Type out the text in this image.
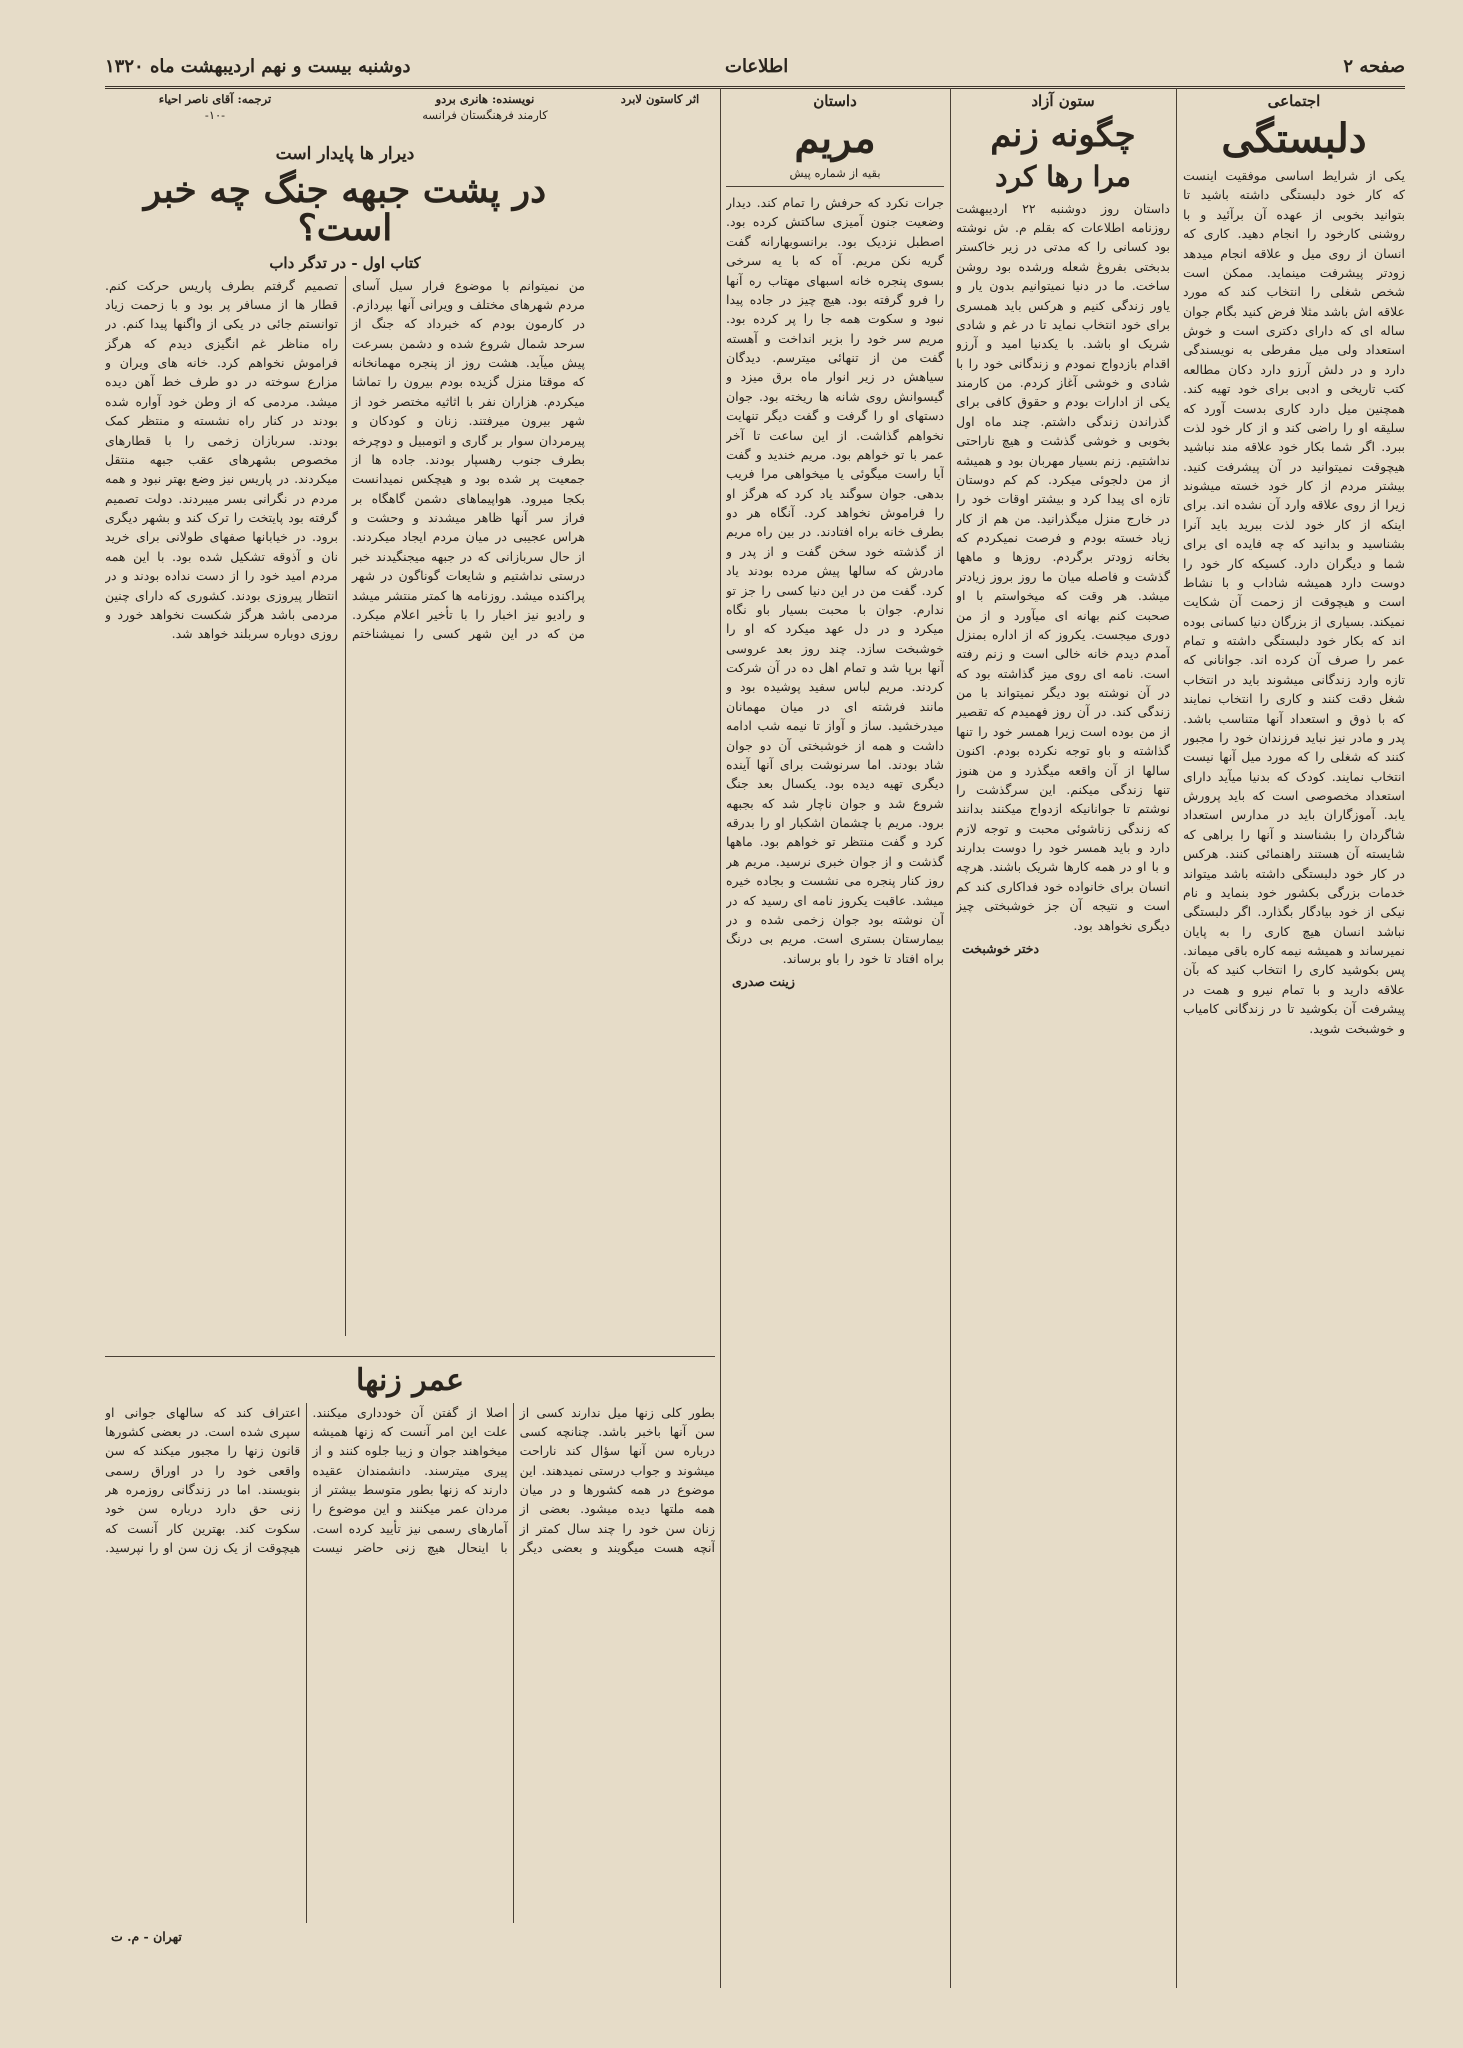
صفحه ۲
اطلاعات
دوشنبه بیست و نهم اردیبهشت ماه ۱۳۲۰
اجتماعی
دلبستگی
یکی از شرایط اساسی موفقیت اینست که کار خود دلبستگی داشته باشید تا بتوانید بخوبی از عهده آن برآئید و با روشنی کارخود را انجام دهید. کاری که انسان از روی میل و علاقه انجام میدهد زودتر پیشرفت مینماید. ممکن است شخص شغلی را انتخاب کند که مورد علاقه اش باشد مثلا فرض کنید بگام جوان ساله ای که دارای دکتری است و خوش استعداد ولی میل مفرطی به نویسندگی دارد و در دلش آرزو دارد دکان مطالعه کتب تاریخی و ادبی برای خود تهیه کند. همچنین میل دارد کاری بدست آورد که سلیقه او را راضی کند و از کار خود لذت ببرد. اگر شما بکار خود علاقه مند نباشید هیچوقت نمیتوانید در آن پیشرفت کنید. بیشتر مردم از کار خود خسته میشوند زیرا از روی علاقه وارد آن نشده اند. برای اینکه از کار خود لذت ببرید باید آنرا بشناسید و بدانید که چه فایده ای برای شما و دیگران دارد. کسیکه کار خود را دوست دارد همیشه شاداب و با نشاط است و هیچوقت از زحمت آن شکایت نمیکند. بسیاری از بزرگان دنیا کسانی بوده اند که بکار خود دلبستگی داشته و تمام عمر را صرف آن کرده اند. جوانانی که تازه وارد زندگانی میشوند باید در انتخاب شغل دقت کنند و کاری را انتخاب نمایند که با ذوق و استعداد آنها متناسب باشد. پدر و مادر نیز نباید فرزندان خود را مجبور کنند که شغلی را که مورد میل آنها نیست انتخاب نمایند. کودک که بدنیا میآید دارای استعداد مخصوصی است که باید پرورش یابد. آموزگاران باید در مدارس استعداد شاگردان را بشناسند و آنها را براهی که شایسته آن هستند راهنمائی کنند. هرکس در کار خود دلبستگی داشته باشد میتواند خدمات بزرگی بکشور خود بنماید و نام نیکی از خود بیادگار بگذارد. اگر دلبستگی نباشد انسان هیچ کاری را به پایان نمیرساند و همیشه نیمه کاره باقی میماند. پس بکوشید کاری را انتخاب کنید که بآن علاقه دارید و با تمام نیرو و همت در پیشرفت آن بکوشید تا در زندگانی کامیاب و خوشبخت شوید.
ستون آزاد
چگونه زنم
مرا رها کرد
داستان روز دوشنبه ۲۲ اردیبهشت روزنامه اطلاعات که بقلم م. ش نوشته بود کسانی را که مدتی در زیر خاکستر بدبختی بفروغ شعله ورشده بود روشن ساخت. ما در دنیا نمیتوانیم بدون یار و یاور زندگی کنیم و هرکس باید همسری برای خود انتخاب نماید تا در غم و شادی شریک او باشد. با یکدنیا امید و آرزو اقدام بازدواج نمودم و زندگانی خود را با شادی و خوشی آغاز کردم. من کارمند یکی از ادارات بودم و حقوق کافی برای گذراندن زندگی داشتم. چند ماه اول بخوبی و خوشی گذشت و هیچ ناراحتی نداشتیم. زنم بسیار مهربان بود و همیشه از من دلجوئی میکرد. کم کم دوستان تازه ای پیدا کرد و بیشتر اوقات خود را در خارج منزل میگذرانید. من هم از کار زیاد خسته بودم و فرصت نمیکردم که بخانه زودتر برگردم. روزها و ماهها گذشت و فاصله میان ما روز بروز زیادتر میشد. هر وقت که میخواستم با او صحبت کنم بهانه ای میآورد و از من دوری میجست. یکروز که از اداره بمنزل آمدم دیدم خانه خالی است و زنم رفته است. نامه ای روی میز گذاشته بود که در آن نوشته بود دیگر نمیتواند با من زندگی کند. در آن روز فهمیدم که تقصیر از من بوده است زیرا همسر خود را تنها گذاشته و باو توجه نکرده بودم. اکنون سالها از آن واقعه میگذرد و من هنوز تنها زندگی میکنم. این سرگذشت را نوشتم تا جوانانیکه ازدواج میکنند بدانند که زندگی زناشوئی محبت و توجه لازم دارد و باید همسر خود را دوست بدارند و با او در همه کارها شریک باشند. هرچه انسان برای خانواده خود فداکاری کند کم است و نتیجه آن جز خوشبختی چیز دیگری نخواهد بود.
دختر خوشبخت
داستان
مریم
بقیه از شماره پیش
جرات نکرد که حرفش را تمام کند. دیدار وضعیت جنون آمیزی ساکتش کرده بود. اصطبل نزدیک بود. برانسوبهارانه گفت گریه نکن مریم. آه که با یه سرخی بسوی پنجره خانه اسبهای مهتاب ره آنها را فرو گرفته بود. هیچ چیز در جاده پیدا نبود و سکوت همه جا را پر کرده بود. مریم سر خود را بزیر انداخت و آهسته گفت من از تنهائی میترسم. دیدگان سیاهش در زیر انوار ماه برق میزد و گیسوانش روی شانه ها ریخته بود. جوان دستهای او را گرفت و گفت دیگر تنهایت نخواهم گذاشت. از این ساعت تا آخر عمر با تو خواهم بود. مریم خندید و گفت آیا راست میگوئی یا میخواهی مرا فریب بدهی. جوان سوگند یاد کرد که هرگز او را فراموش نخواهد کرد. آنگاه هر دو بطرف خانه براه افتادند. در بین راه مریم از گذشته خود سخن گفت و از پدر و مادرش که سالها پیش مرده بودند یاد کرد. گفت من در این دنیا کسی را جز تو ندارم. جوان با محبت بسیار باو نگاه میکرد و در دل عهد میکرد که او را خوشبخت سازد. چند روز بعد عروسی آنها برپا شد و تمام اهل ده در آن شرکت کردند. مریم لباس سفید پوشیده بود و مانند فرشته ای در میان مهمانان میدرخشید. ساز و آواز تا نیمه شب ادامه داشت و همه از خوشبختی آن دو جوان شاد بودند. اما سرنوشت برای آنها آینده دیگری تهیه دیده بود. یکسال بعد جنگ شروع شد و جوان ناچار شد که بجبهه برود. مریم با چشمان اشکبار او را بدرقه کرد و گفت منتظر تو خواهم بود. ماهها گذشت و از جوان خبری نرسید. مریم هر روز کنار پنجره می نشست و بجاده خیره میشد. عاقبت یکروز نامه ای رسید که در آن نوشته بود جوان زخمی شده و در بیمارستان بستری است. مریم بی درنگ براه افتاد تا خود را باو برساند.
زینت صدری
اثر کاستون لابرد
نویسنده: هانری بردو
کارمند فرهنگستان فرانسه
ترجمه: آقای ناصر احیاء
-۱۰-
دیرار ها پایدار است
در پشت جبهه جنگ چه خبر است؟
کتاب اول - در تدگر داب
من نمیتوانم با موضوع فرار سیل آسای مردم شهرهای مختلف و ویرانی آنها بپردازم. در کارمون بودم که خبرداد که جنگ از سرحد شمال شروع شده و دشمن بسرعت پیش میآید. هشت روز از پنجره مهمانخانه که موقتا منزل گزیده بودم بیرون را تماشا میکردم. هزاران نفر با اثاثیه مختصر خود از شهر بیرون میرفتند. زنان و کودکان و پیرمردان سوار بر گاری و اتومبیل و دوچرخه بطرف جنوب رهسپار بودند. جاده ها از جمعیت پر شده بود و هیچکس نمیدانست بکجا میرود. هواپیماهای دشمن گاهگاه بر فراز سر آنها ظاهر میشدند و وحشت و هراس عجیبی در میان مردم ایجاد میکردند. از حال سربازانی که در جبهه میجنگیدند خبر درستی نداشتیم و شایعات گوناگون در شهر پراکنده میشد. روزنامه ها کمتر منتشر میشد و رادیو نیز اخبار را با تأخیر اعلام میکرد. من که در این شهر کسی را نمیشناختم تصمیم گرفتم بطرف پاریس حرکت کنم. قطار ها از مسافر پر بود و با زحمت زیاد توانستم جائی در یکی از واگنها پیدا کنم. در راه مناظر غم انگیزی دیدم که هرگز فراموش نخواهم کرد. خانه های ویران و مزارع سوخته در دو طرف خط آهن دیده میشد. مردمی که از وطن خود آواره شده بودند در کنار راه نشسته و منتظر کمک بودند. سربازان زخمی را با قطارهای مخصوص بشهرهای عقب جبهه منتقل میکردند. در پاریس نیز وضع بهتر نبود و همه مردم در نگرانی بسر میبردند. دولت تصمیم گرفته بود پایتخت را ترک کند و بشهر دیگری برود. در خیابانها صفهای طولانی برای خرید نان و آذوقه تشکیل شده بود. با این همه مردم امید خود را از دست نداده بودند و در انتظار پیروزی بودند. کشوری که دارای چنین مردمی باشد هرگز شکست نخواهد خورد و روزی دوباره سربلند خواهد شد.
عمر زنها
بطور کلی زنها میل ندارند کسی از سن آنها باخبر باشد. چنانچه کسی درباره سن آنها سؤال کند ناراحت میشوند و جواب درستی نمیدهند. این موضوع در همه کشورها و در میان همه ملتها دیده میشود. بعضی از زنان سن خود را چند سال کمتر از آنچه هست میگویند و بعضی دیگر اصلا از گفتن آن خودداری میکنند. علت این امر آنست که زنها همیشه میخواهند جوان و زیبا جلوه کنند و از پیری میترسند. دانشمندان عقیده دارند که زنها بطور متوسط بیشتر از مردان عمر میکنند و این موضوع را آمارهای رسمی نیز تأیید کرده است. با اینحال هیچ زنی حاضر نیست اعتراف کند که سالهای جوانی او سپری شده است. در بعضی کشورها قانون زنها را مجبور میکند که سن واقعی خود را در اوراق رسمی بنویسند. اما در زندگانی روزمره هر زنی حق دارد درباره سن خود سکوت کند. بهترین کار آنست که هیچوقت از یک زن سن او را نپرسید.
تهران - م. ت
